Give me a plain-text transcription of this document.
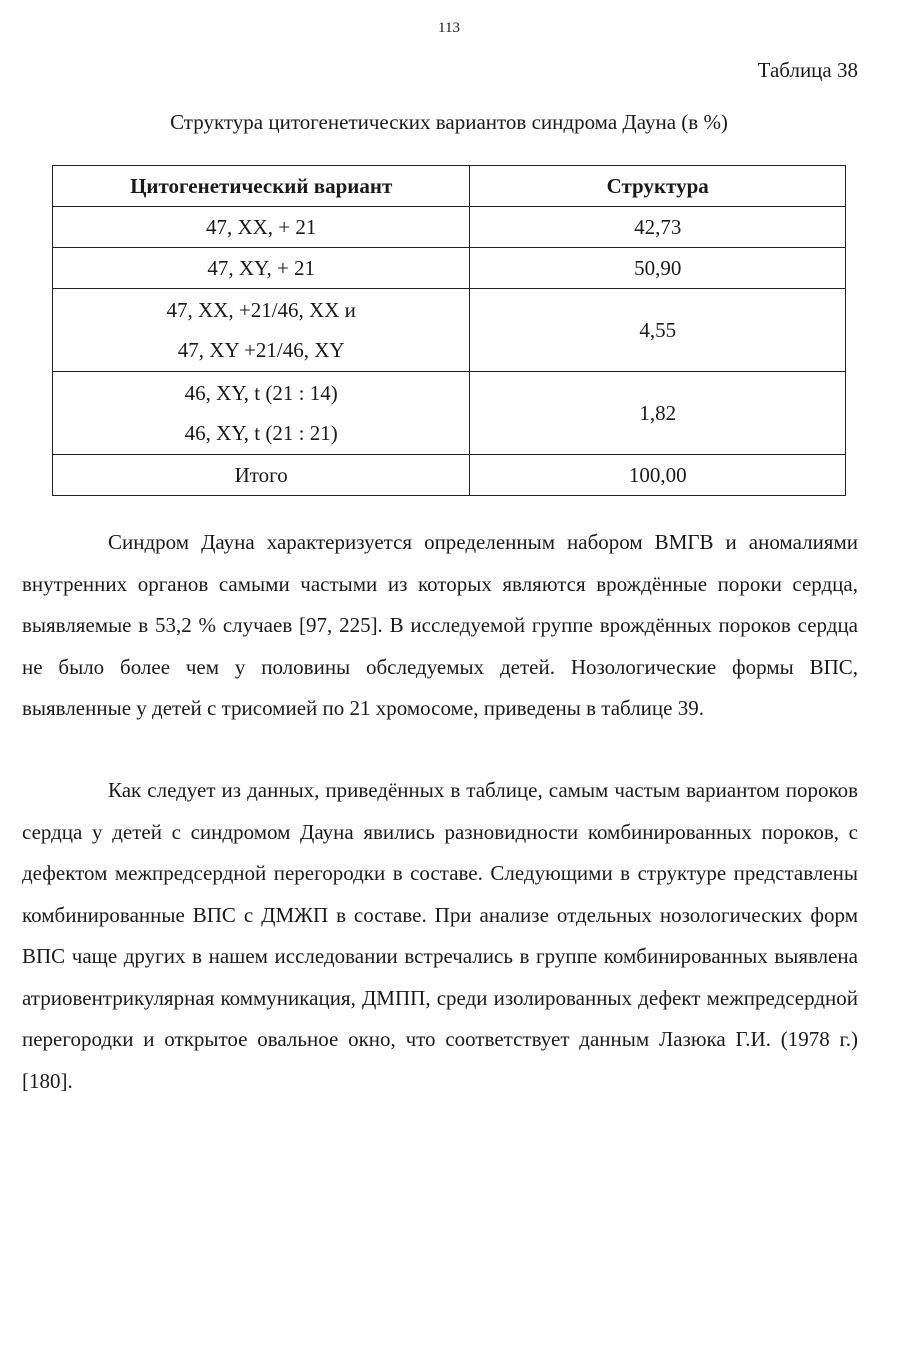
113
Таблица 38
Структура цитогенетических вариантов синдрома Дауна (в %)
Цитогенетический вариант	Структура
47, XX, + 21	42,73
47, XY, + 21	50,90

47, XX, +21/46, XX и
47, XY +21/46, XY	4,55

46, XY, t (21 : 14)
46, XY, t (21 : 21)	1,82
Итого	100,00

Синдром Дауна характеризуется определенным набором ВМГВ и аномалиями внутренних органов самыми частыми из которых являются врождённые пороки сердца, выявляемые в 53,2 % случаев [97, 225]. В исследуемой группе врождённых пороков сердца не было более чем у половины обследуемых детей. Нозологические формы ВПС, выявленные у детей с трисомией по 21 хромосоме, приведены в таблице 39.

Как следует из данных, приведённых в таблице, самым частым вариантом пороков сердца у детей с синдромом Дауна явились разновидности комбинированных пороков, с дефектом межпредсердной перегородки в составе. Следующими в структуре представлены комбинированные ВПС с ДМЖП в составе. При анализе отдельных нозологических форм ВПС чаще других в нашем исследовании встречались в группе комбинированных выявлена атриовентрикулярная коммуникация, ДМПП, среди изолированных дефект межпредсердной перегородки и открытое овальное окно, что соответствует данным Лазюка Г.И. (1978 г.) [180].
